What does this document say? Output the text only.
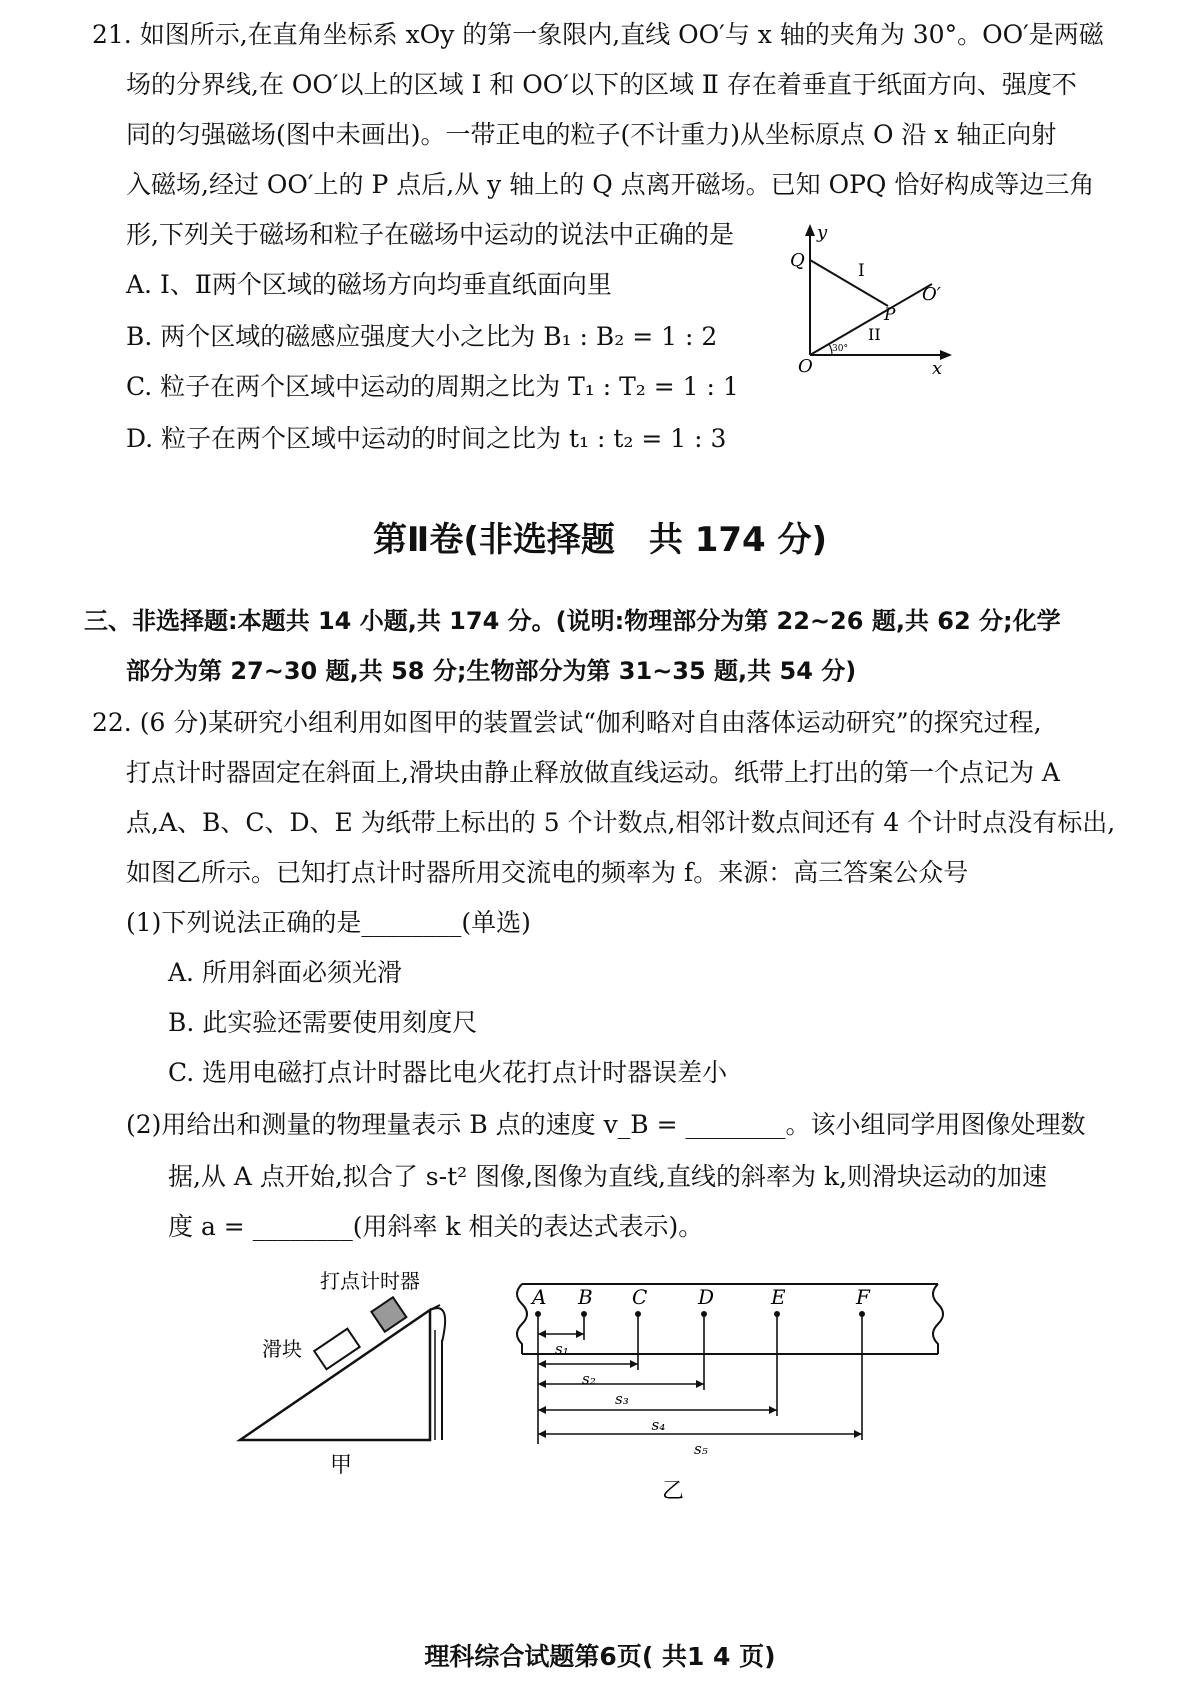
21. 如图所示,在直角坐标系 xOy 的第一象限内,直线 OO′与 x 轴的夹角为 30°。OO′是两磁
场的分界线,在 OO′以上的区域 Ⅰ 和 OO′以下的区域 Ⅱ 存在着垂直于纸面方向、强度不
同的匀强磁场(图中未画出)。一带正电的粒子(不计重力)从坐标原点 O 沿 x 轴正向射
入磁场,经过 OO′上的 P 点后,从 y 轴上的 Q 点离开磁场。已知 OPQ 恰好构成等边三角
形,下列关于磁场和粒子在磁场中运动的说法中正确的是
A. Ⅰ、Ⅱ两个区域的磁场方向均垂直纸面向里
B. 两个区域的磁感应强度大小之比为 B₁ : B₂ = 1 : 2
C. 粒子在两个区域中运动的周期之比为 T₁ : T₂ = 1 : 1
D. 粒子在两个区域中运动的时间之比为 t₁ : t₂ = 1 : 3
y
Q	I
O′
P
II
30°
O	x
第Ⅱ卷(非选择题　共 174 分)
三、非选择题:本题共 14 小题,共 174 分。(说明:物理部分为第 22~26 题,共 62 分;化学
部分为第 27~30 题,共 58 分;生物部分为第 31~35 题,共 54 分)
22. (6 分)某研究小组利用如图甲的装置尝试“伽利略对自由落体运动研究”的探究过程,
打点计时器固定在斜面上,滑块由静止释放做直线运动。纸带上打出的第一个点记为 A
点,A、B、C、D、E 为纸带上标出的 5 个计数点,相邻计数点间还有 4 个计时点没有标出,
如图乙所示。已知打点计时器所用交流电的频率为 f。来源：高三答案公众号
(1)下列说法正确的是________(单选)
A. 所用斜面必须光滑
B. 此实验还需要使用刻度尺
C. 选用电磁打点计时器比电火花打点计时器误差小
(2)用给出和测量的物理量表示 B 点的速度 v_B = ________。该小组同学用图像处理数
据,从 A 点开始,拟合了 s-t² 图像,图像为直线,直线的斜率为 k,则滑块运动的加速
度 a = ________(用斜率 k 相关的表达式表示)。
打点计时器
滑块
甲
A B C	D	E	F
s₁
s₂
s₃
s₄
s₅
乙
理科综合试题第6页( 共1 4 页)
